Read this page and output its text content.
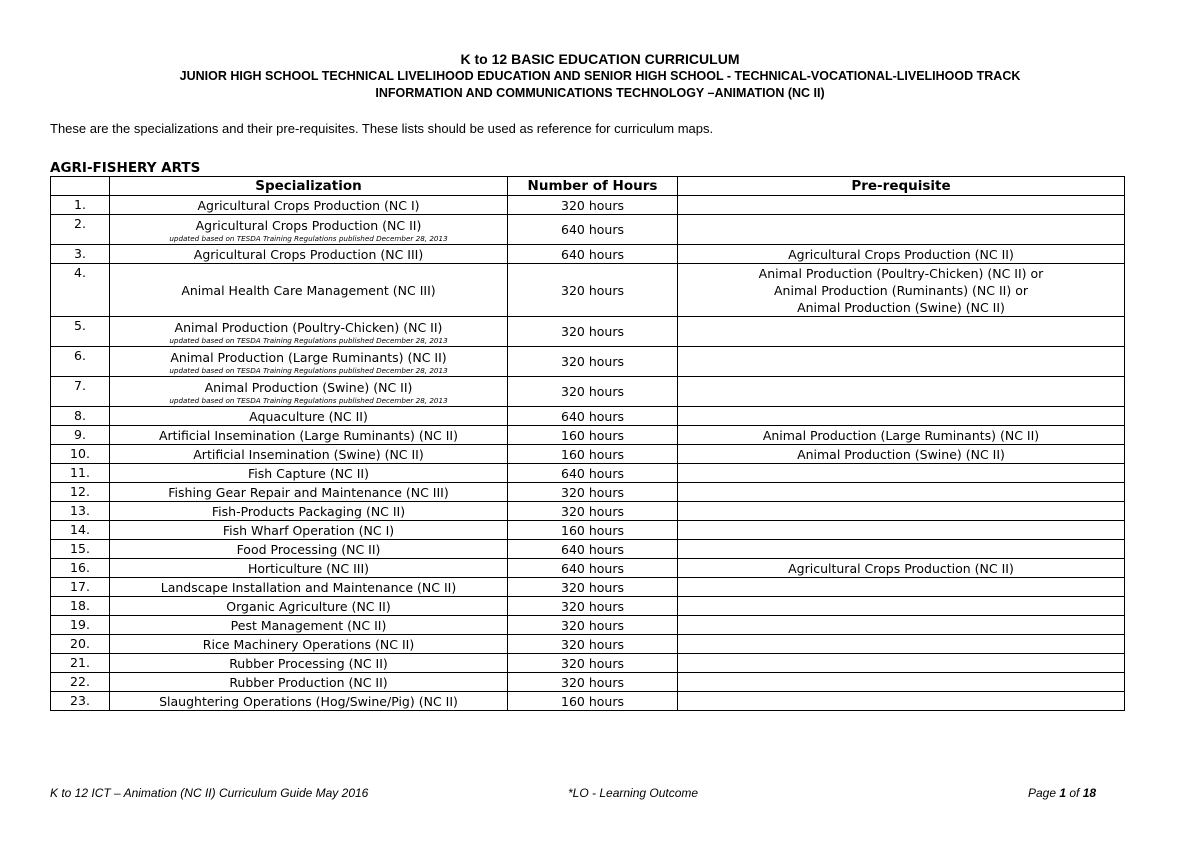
K to 12 BASIC EDUCATION CURRICULUM
JUNIOR HIGH SCHOOL TECHNICAL LIVELIHOOD EDUCATION AND SENIOR HIGH SCHOOL - TECHNICAL-VOCATIONAL-LIVELIHOOD TRACK
INFORMATION AND COMMUNICATIONS TECHNOLOGY –ANIMATION (NC II)
These are the specializations and their pre-requisites. These lists should be used as reference for curriculum maps.
AGRI-FISHERY ARTS
	Specialization	Number of Hours	Pre-requisite
1.	Agricultural Crops Production (NC I)	320 hours	
2.	Agricultural Crops Production (NC II)
updated based on TESDA Training Regulations published December 28, 2013	640 hours	
3.	Agricultural Crops Production (NC III)	640 hours	Agricultural Crops Production (NC II)
4.	Animal Health Care Management (NC III)	320 hours	Animal Production (Poultry-Chicken) (NC II) or
Animal Production (Ruminants) (NC II) or
Animal Production (Swine) (NC II)

5.	Animal Production (Poultry-Chicken) (NC II)
updated based on TESDA Training Regulations published December 28, 2013	320 hours	
6.	Animal Production (Large Ruminants) (NC II)
updated based on TESDA Training Regulations published December 28, 2013	320 hours	
7.	Animal Production (Swine) (NC II)
updated based on TESDA Training Regulations published December 28, 2013	320 hours	
8.	Aquaculture (NC II)	640 hours	
9.	Artificial Insemination (Large Ruminants) (NC II)	160 hours	Animal Production (Large Ruminants) (NC II)
10.	Artificial Insemination (Swine) (NC II)	160 hours	Animal Production (Swine) (NC II)
11.	Fish Capture (NC II)	640 hours	
12.	Fishing Gear Repair and Maintenance (NC III)	320 hours	
13.	Fish-Products Packaging (NC II)	320 hours	
14.	Fish Wharf Operation (NC I)	160 hours	
15.	Food Processing (NC II)	640 hours	
16.	Horticulture (NC III)	640 hours	Agricultural Crops Production (NC II)
17.	Landscape Installation and Maintenance (NC II)	320 hours	
18.	Organic Agriculture (NC II)	320 hours	
19.	Pest Management (NC II)	320 hours	
20.	Rice Machinery Operations (NC II)	320 hours	
21.	Rubber Processing (NC II)	320 hours	
22.	Rubber Production (NC II)	320 hours	
23.	Slaughtering Operations (Hog/Swine/Pig) (NC II)	160 hours	
K to 12 ICT – Animation (NC II) Curriculum Guide May 2016	*LO - Learning Outcome	Page 1 of 18
